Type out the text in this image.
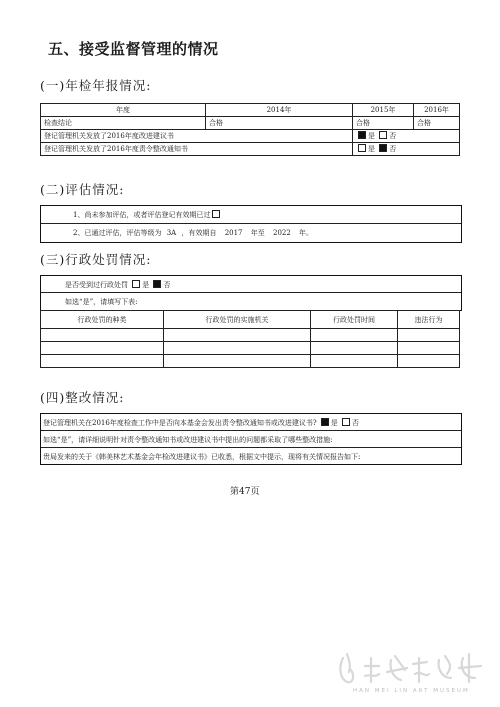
五、接受监督管理的情况
(一)年检年报情况:
年度	2014年	2015年	2016年
检查结论	合格	合格	合格
登记管理机关发放了2016年度改进建议书		是 否	
登记管理机关发放了2016年度责令整改通知书		是 否	
(二)评估情况:
1、尚未参加评估，或者评估登记有效期已过
2、已通过评估，评估等级为 3A ，有效期自 2017 年至 2022 年。
(三)行政处罚情况:
是否受到过行政处罚 是 否
如选“是”，请填写下表:
行政处罚的种类	行政处罚的实施机关	行政处罚时间	违法行为

(四)整改情况:
登记管理机关在2016年度检查工作中是否向本基金会发出责令整改通知书或改进建议书? 是 否
如选“是”，请详细说明针对责令整改通知书或改进建议书中提出的问题都采取了哪些整改措施:
贵局发来的关于《韩美林艺术基金会年检改进建议书》已收悉，根据文中提示，现将有关情况报告如下:
第47页
HAN MEI LIN ART MUSEUM
